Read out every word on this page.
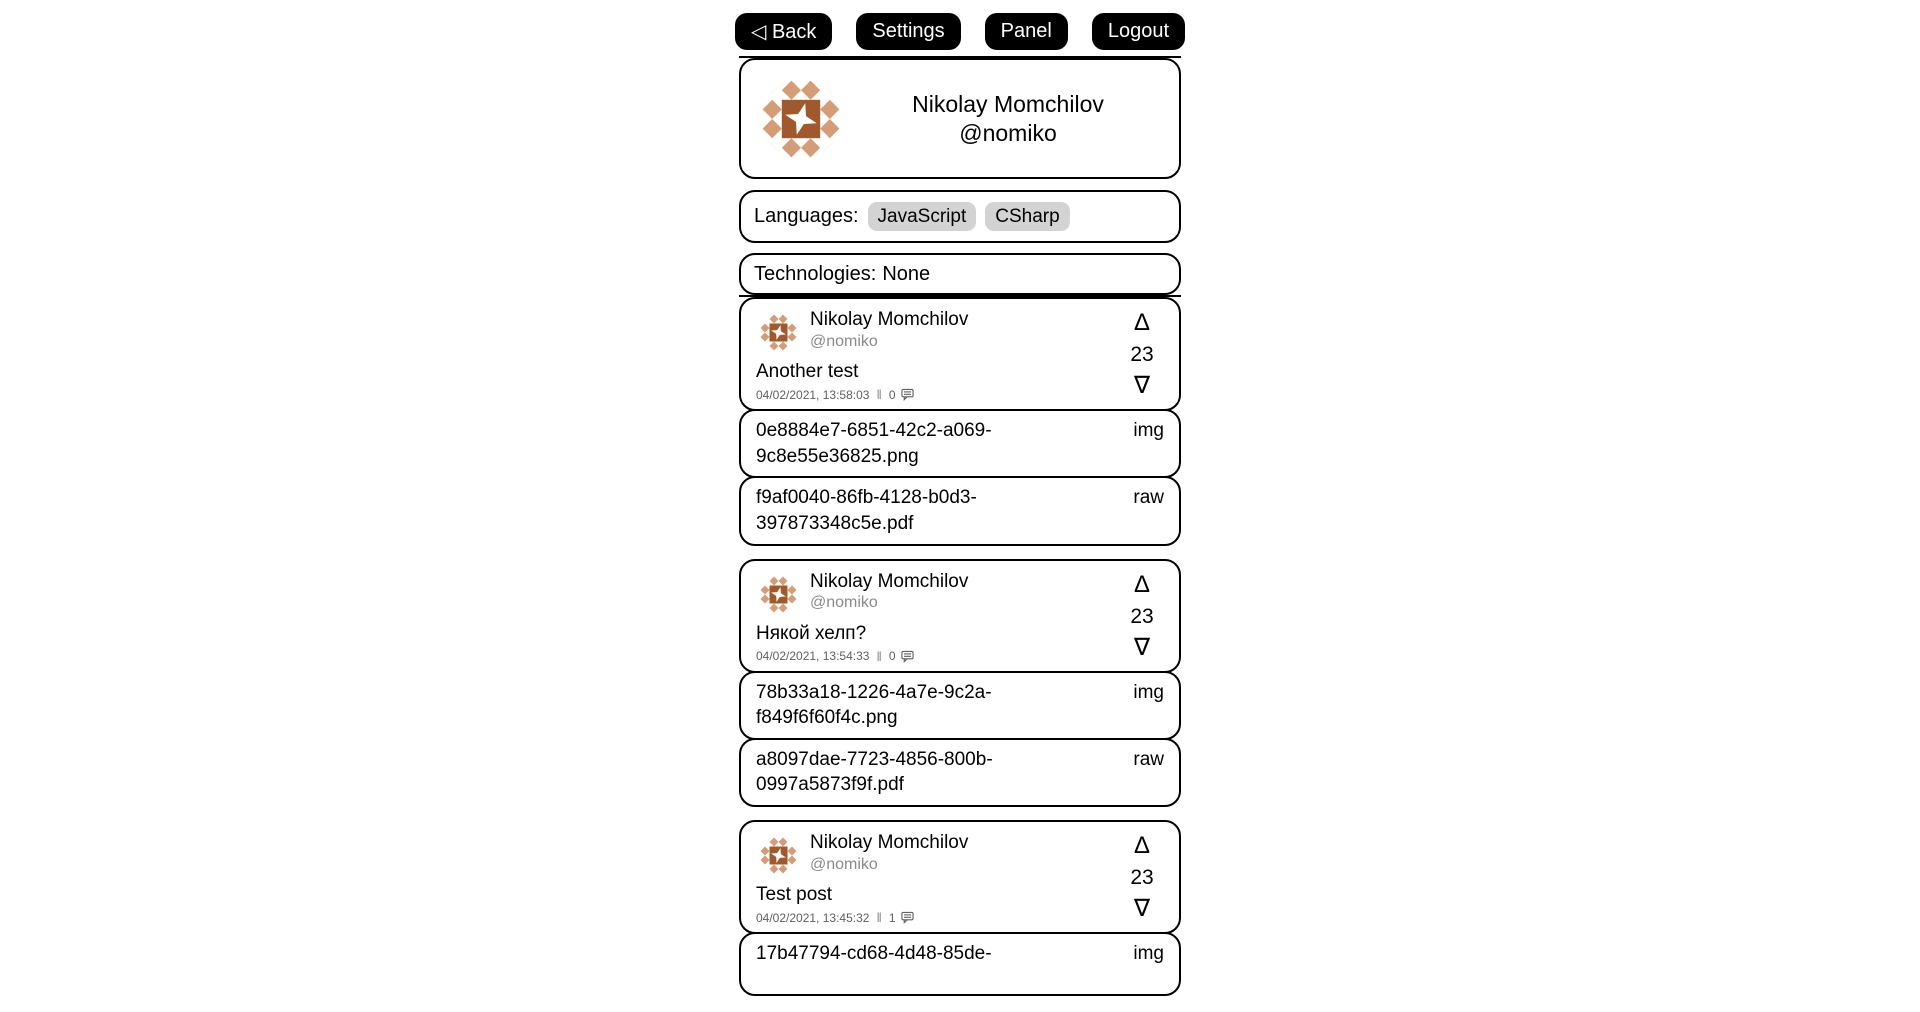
◁ Back	Settings	Panel	Logout
Nikolay Momchilov
@nomiko
Languages:	JavaScript	CSharp
Technologies: None
Nikolay Momchilov
@nomiko
Another test
04/02/2021, 13:58:03 ‖ 0
∆
23
∇
0e8884e7-6851-42c2-a069-9c8e55e36825.png
img
f9af0040-86fb-4128-b0d3-397873348c5e.pdf
raw
Nikolay Momchilov
@nomiko
Някой хелп?
04/02/2021, 13:54:33 ‖ 0
∆
23
∇
78b33a18-1226-4a7e-9c2a-f849f6f60f4c.png
img
a8097dae-7723-4856-800b-0997a5873f9f.pdf
raw
Nikolay Momchilov
@nomiko
Test post
04/02/2021, 13:45:32 ‖ 1
∆
23
∇
17b47794-cd68-4d48-85de-	img
